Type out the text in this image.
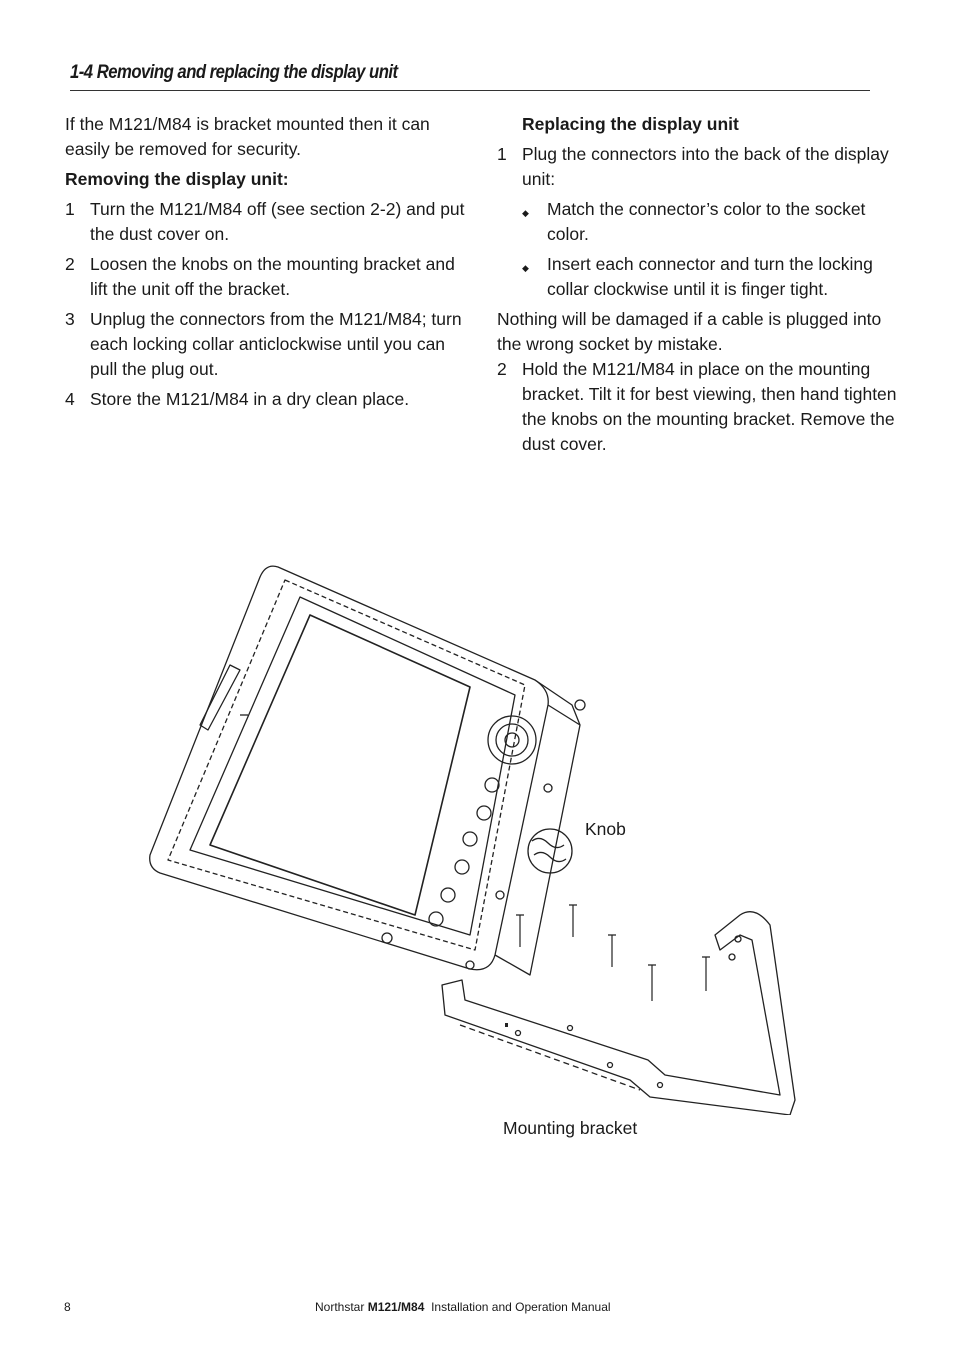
1-4 Removing and replacing the display unit

If the M121/M84 is bracket mounted then it can easily be removed for security.

Removing the display unit:

1 Turn the M121/M84 off (see section 2-2) and put the dust cover on.
2 Loosen the knobs on the mounting bracket and lift the unit off the bracket.
3 Unplug the connectors from the M121/M84; turn each locking collar anticlockwise until you can pull the plug out.
4 Store the M121/M84 in a dry clean place.

Replacing the display unit

1 Plug the connectors into the back of the display unit:
◆	Match the connector’s color to the socket color.
◆	Insert each connector and turn the locking collar clockwise until it is finger tight.

Nothing will be damaged if a cable is plugged into the wrong socket by mistake.

2 Hold the M121/M84 in place on the mounting bracket. Tilt it for best viewing, then hand tighten the knobs on the mounting bracket. Remove the dust cover.
Knob
Mounting bracket
8	Northstar M121/M84 Installation and Operation Manual
